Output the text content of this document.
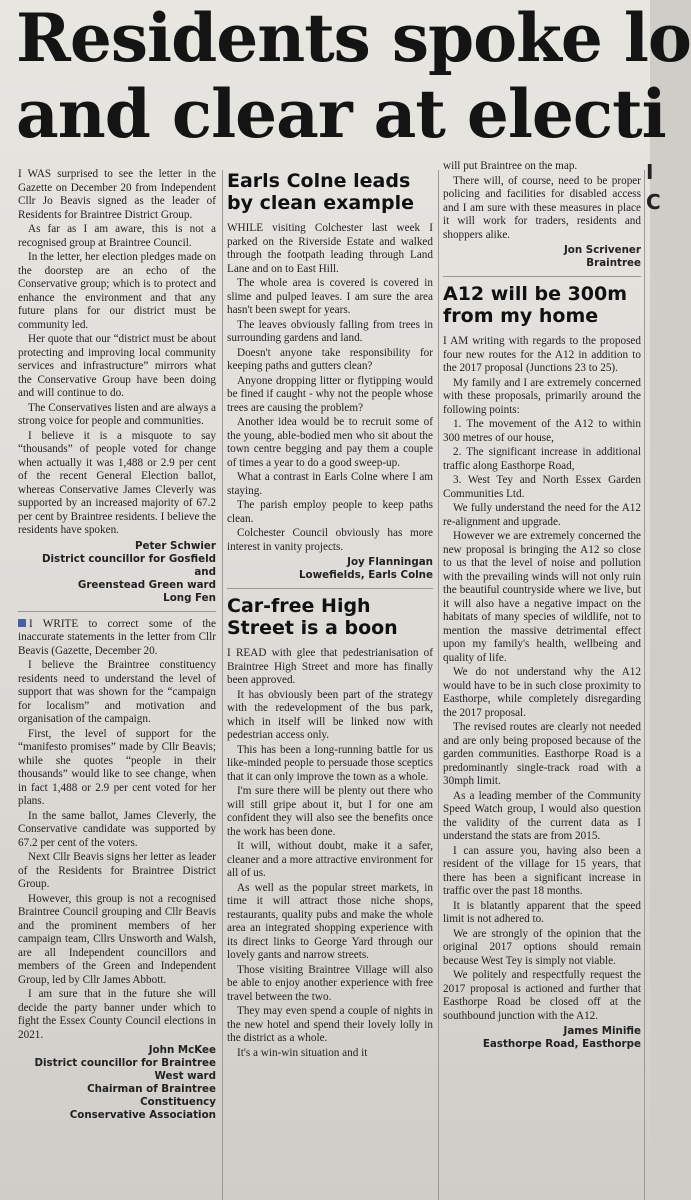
Residents spoke lo
and clear at electi

I WAS surprised to see the letter in the Gazette on December 20 from Independent Cllr Jo Beavis signed as the leader of Residents for Braintree District Group.

As far as I am aware, this is not a recognised group at Braintree Council.

In the letter, her election pledges made on the doorstep are an echo of the Conservative group; which is to protect and enhance the environment and that any future plans for our district must be community led.

Her quote that our “district must be about protecting and improving local community services and infrastructure” mirrors what the Conservative Group have been doing and will continue to do.

The Conservatives listen and are always a strong voice for people and communities.

I believe it is a misquote to say “thousands” of people voted for change when actually it was 1,488 or 2.9 per cent of the recent General Election ballot, whereas Conservative James Cleverly was supported by an increased majority of 67.2 per cent by Braintree residents. I believe the residents have spoken.

Peter Schwier
District councillor for Gosfield and
Greenstead Green ward
Long Fen

I WRITE to correct some of the inaccurate statements in the letter from Cllr Beavis (Gazette, December 20.

I believe the Braintree constituency residents need to understand the level of support that was shown for the “campaign for localism” and motivation and organisation of the campaign.

First, the level of support for the “manifesto promises” made by Cllr Beavis; while she quotes “people in their thousands” would like to see change, when in fact 1,488 or 2.9 per cent voted for her plans.

In the same ballot, James Cleverly, the Conservative candidate was supported by 67.2 per cent of the voters.

Next Cllr Beavis signs her letter as leader of the Residents for Braintree District Group.

However, this group is not a recognised Braintree Council grouping and Cllr Beavis and the prominent members of her campaign team, Cllrs Unsworth and Walsh, are all Independent councillors and members of the Green and Independent Group, led by Cllr James Abbott.

I am sure that in the future she will decide the party banner under which to fight the Essex County Council elections in 2021.

John McKee
District councillor for Braintree
West ward
Chairman of Braintree Constituency
Conservative Association
Earls Colne leads by clean example

WHILE visiting Colchester last week I parked on the Riverside Estate and walked through the footpath leading through Land Lane and on to East Hill.

The whole area is covered is covered in slime and pulped leaves. I am sure the area hasn't been swept for years.

The leaves obviously falling from trees in surrounding gardens and land.

Doesn't anyone take responsibility for keeping paths and gutters clean?

Anyone dropping litter or flytipping would be fined if caught - why not the people whose trees are causing the problem?

Another idea would be to recruit some of the young, able-bodied men who sit about the town centre begging and pay them a couple of times a year to do a good sweep-up.

What a contrast in Earls Colne where I am staying.

The parish employ people to keep paths clean.

Colchester Council obviously has more interest in vanity projects.

Joy Flanningan
Lowefields, Earls Colne
Car-free High Street is a boon

I READ with glee that pedestrianisation of Braintree High Street and more has finally been approved.

It has obviously been part of the strategy with the redevelopment of the bus park, which in itself will be linked now with pedestrian access only.

This has been a long-running battle for us like-minded people to persuade those sceptics that it can only improve the town as a whole.

I'm sure there will be plenty out there who will still gripe about it, but I for one am confident they will also see the benefits once the work has been done.

It will, without doubt, make it a safer, cleaner and a more attractive environment for all of us.

As well as the popular street markets, in time it will attract those niche shops, restaurants, quality pubs and make the whole area an integrated shopping experience with its direct links to George Yard through our lovely gants and narrow streets.

Those visiting Braintree Village will also be able to enjoy another experience with free travel between the two.

They may even spend a couple of nights in the new hotel and spend their lovely lolly in the district as a whole.

It's a win-win situation and it

will put Braintree on the map.

There will, of course, need to be proper policing and facilities for disabled access and I am sure with these measures in place it will work for traders, residents and shoppers alike.

Jon Scrivener
Braintree
A12 will be 300m from my home

I AM writing with regards to the proposed four new routes for the A12 in addition to the 2017 proposal (Junctions 23 to 25).

My family and I are extremely concerned with these proposals, primarily around the following points:

1. The movement of the A12 to within 300 metres of our house,

2. The significant increase in additional traffic along Easthorpe Road,

3. West Tey and North Essex Garden Communities Ltd.

We fully understand the need for the A12 re-alignment and upgrade.

However we are extremely concerned the new proposal is bringing the A12 so close to us that the level of noise and pollution with the prevailing winds will not only ruin the beautiful countryside where we live, but it will also have a negative impact on the habitats of many species of wildlife, not to mention the massive detrimental effect upon my family's health, wellbeing and quality of life.

We do not understand why the A12 would have to be in such close proximity to Easthorpe, while completely disregarding the 2017 proposal.

The revised routes are clearly not needed and are only being proposed because of the garden communities. Easthorpe Road is a predominantly single-track road with a 30mph limit.

As a leading member of the Community Speed Watch group, I would also question the validity of the current data as I understand the stats are from 2015.

I can assure you, having also been a resident of the village for 15 years, that there has been a significant increase in traffic over the past 18 months.

It is blatantly apparent that the speed limit is not adhered to.

We are strongly of the opinion that the original 2017 options should remain because West Tey is simply not viable.

We politely and respectfully request the 2017 proposal is actioned and further that Easthorpe Road be closed off at the southbound junction with the A12.

James Minifie
Easthorpe Road, Easthorpe
I
C
